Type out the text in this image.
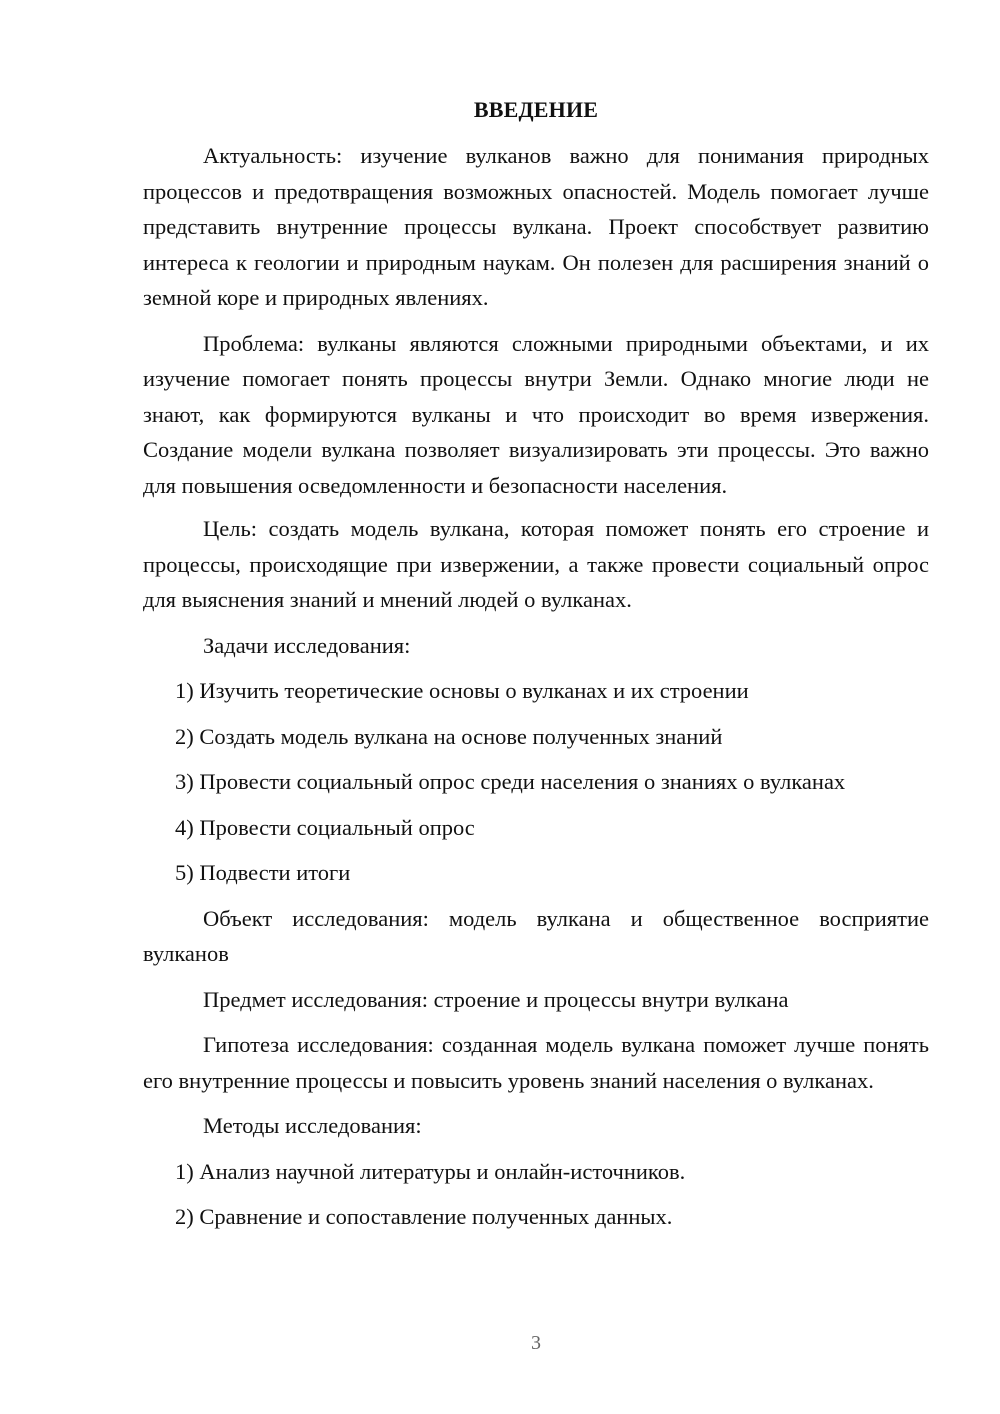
ВВЕДЕНИЕ

Актуальность: изучение вулканов важно для понимания природных процессов и предотвращения возможных опасностей. Модель помогает лучше представить внутренние процессы вулкана. Проект способствует развитию интереса к геологии и природным наукам. Он полезен для расширения знаний о земной коре и природных явлениях.

Проблема: вулканы являются сложными природными объектами, и их изучение помогает понять процессы внутри Земли. Однако многие люди не знают, как формируются вулканы и что происходит во время извержения. Создание модели вулкана позволяет визуализировать эти процессы. Это важно для повышения осведомленности и безопасности населения.

Цель: создать модель вулкана, которая поможет понять его строение и процессы, происходящие при извержении, а также провести социальный опрос для выяснения знаний и мнений людей о вулканах.

Задачи исследования:
1) Изучить теоретические основы о вулканах и их строении
2) Создать модель вулкана на основе полученных знаний
3) Провести социальный опрос среди населения о знаниях о вулканах
4) Провести социальный опрос
5) Подвести итоги

Объект исследования: модель вулкана и общественное восприятие вулканов

Предмет исследования: строение и процессы внутри вулкана

Гипотеза исследования: созданная модель вулкана поможет лучше понять его внутренние процессы и повысить уровень знаний населения о вулканах.

Методы исследования:
1) Анализ научной литературы и онлайн-источников.
2) Сравнение и сопоставление полученных данных.
3
